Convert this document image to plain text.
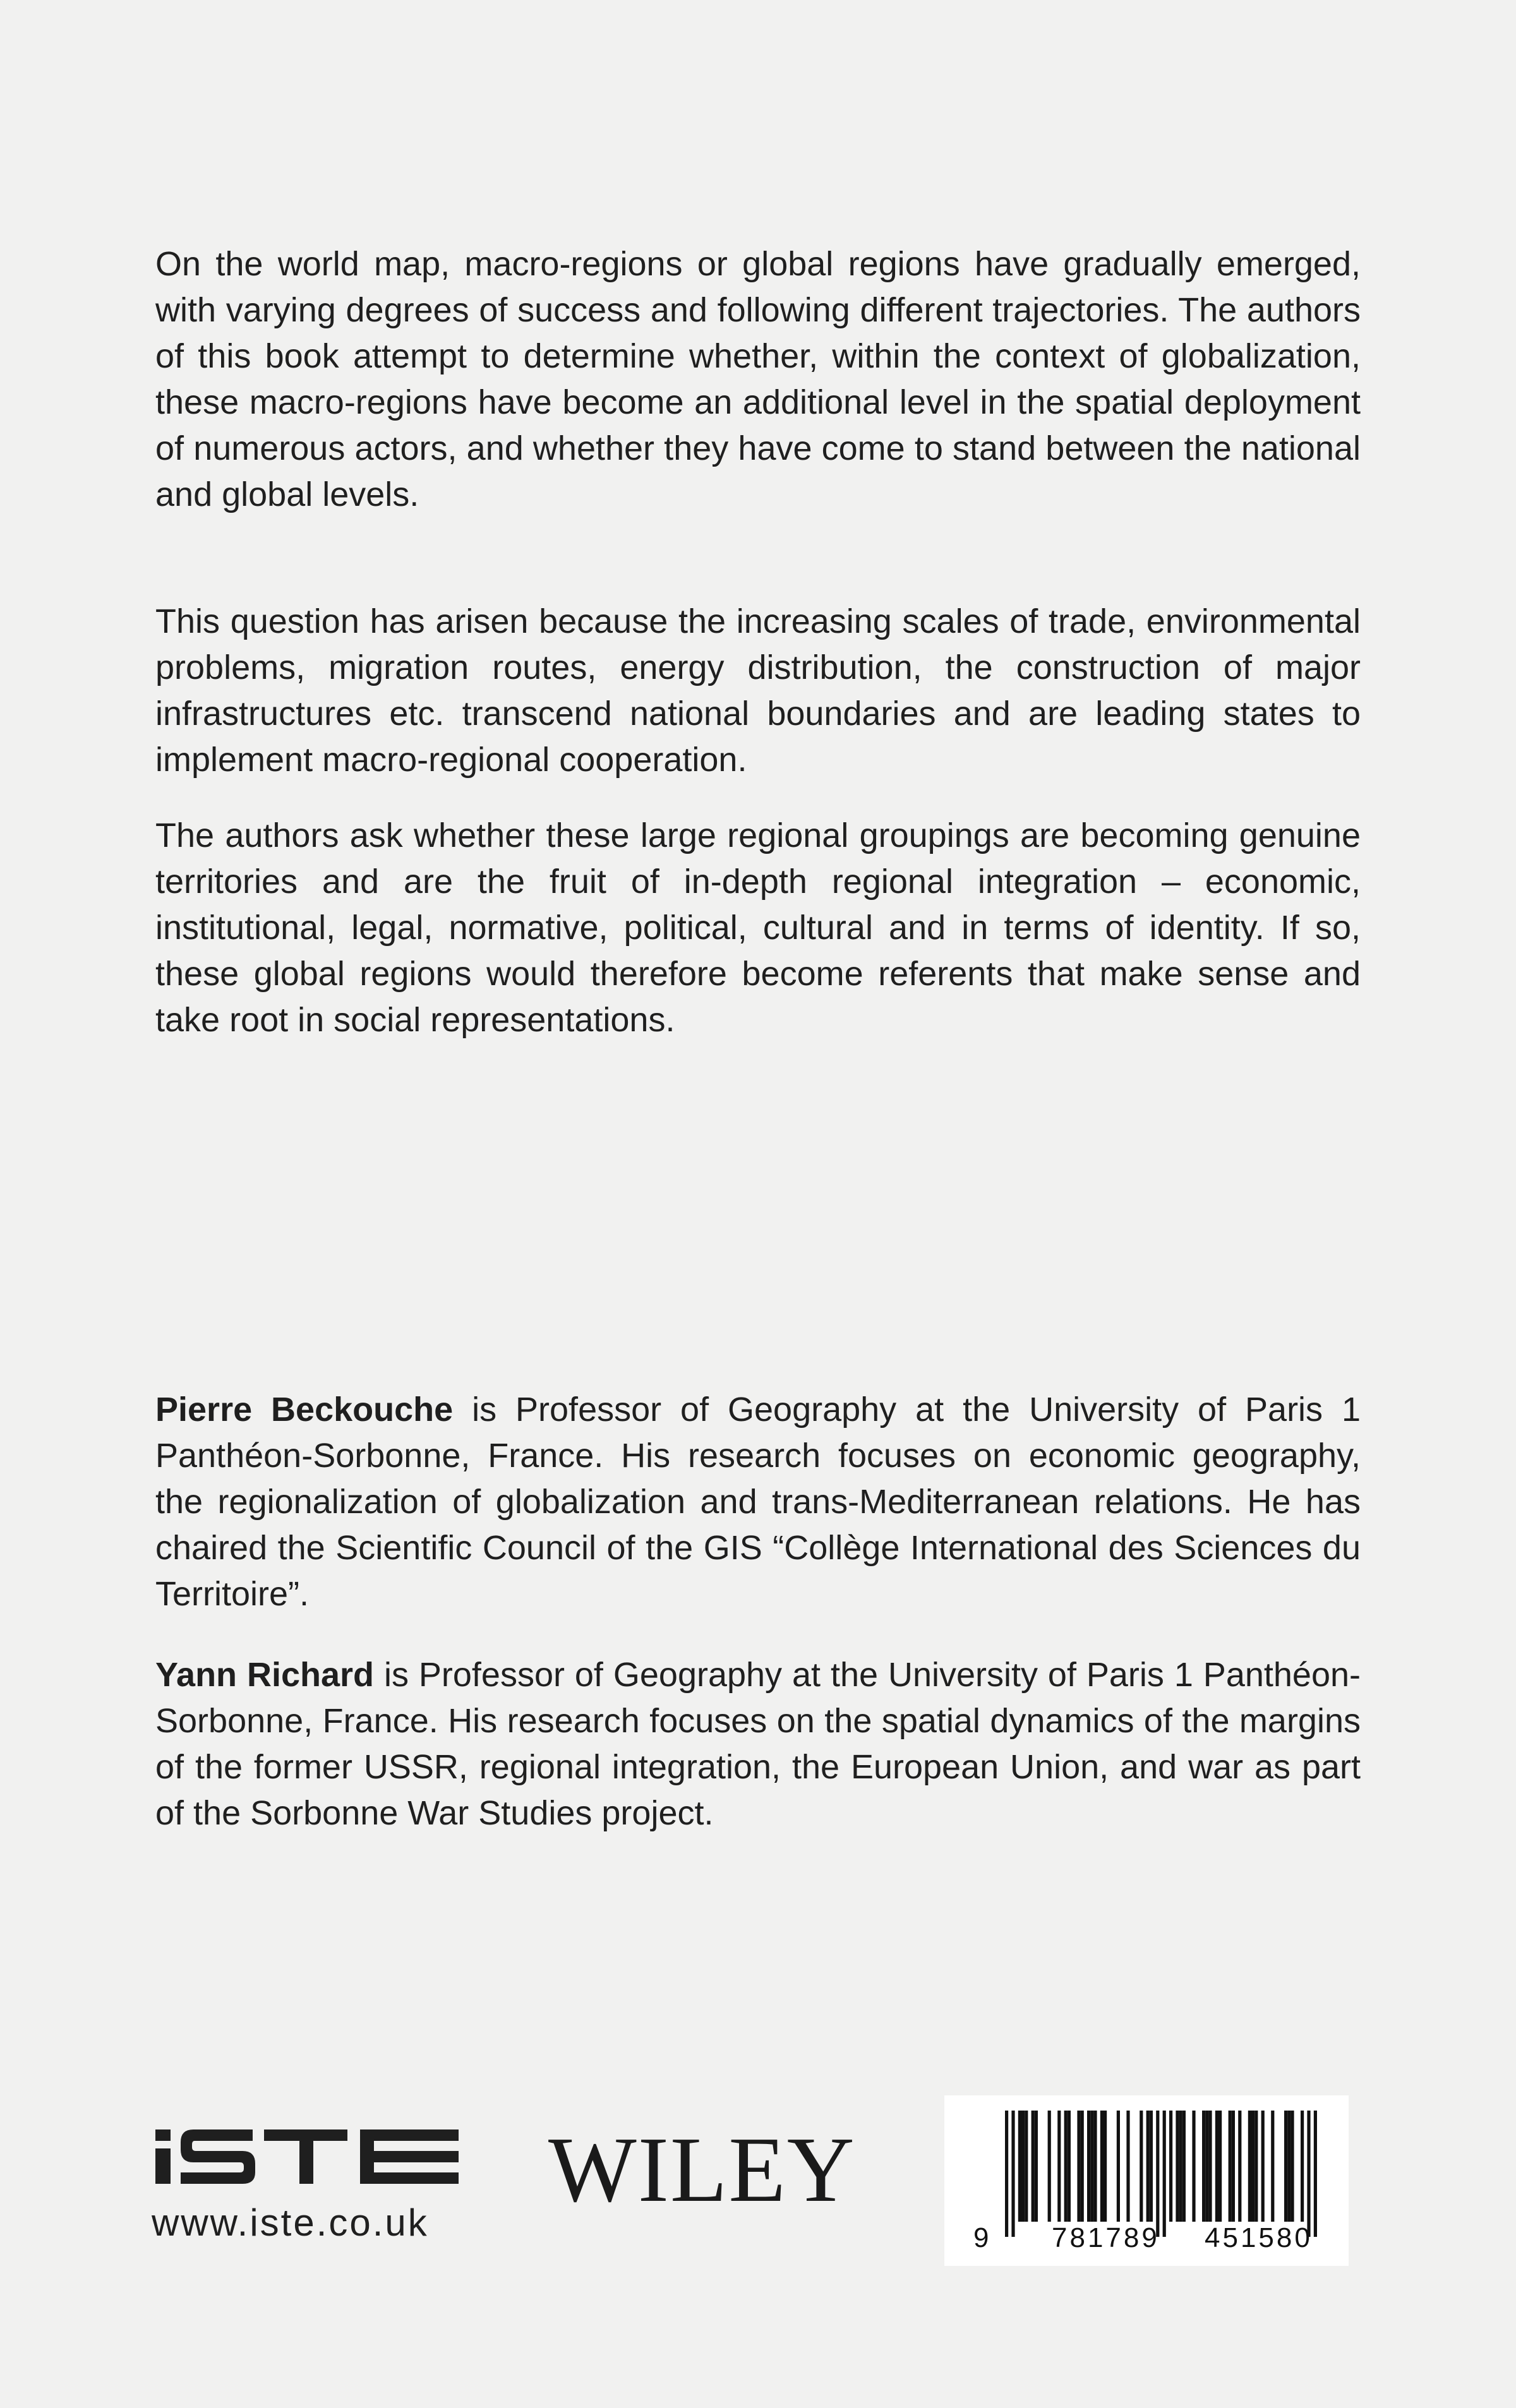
On the world map, macro-regions or global regions have gradually emerged, with varying degrees of success and following different trajectories. The authors of this book attempt to determine whether, within the context of globalization, these macro-regions have become an additional level in the spatial deployment of numerous actors, and whether they have come to stand between the national and global levels.

This question has arisen because the increasing scales of trade, environmental problems, migration routes, energy distribution, the construction of major infrastructures etc. transcend national boundaries and are leading states to implement macro-regional cooperation.

The authors ask whether these large regional groupings are becoming genuine territories and are the fruit of in-depth regional integration – economic, institutional, legal, normative, political, cultural and in terms of identity. If so, these global regions would therefore become referents that make sense and take root in social representations.

Pierre Beckouche is Professor of Geography at the University of Paris 1 Panthéon-Sorbonne, France. His research focuses on economic geography, the regionalization of globalization and trans-Mediterranean relations. He has chaired the Scientific Council of the GIS “Collège International des Sciences du Territoire”.

Yann Richard is Professor of Geography at the University of Paris 1 Panthéon-Sorbonne, France. His research focuses on the spatial dynamics of the margins of the former USSR, regional integration, the European Union, and war as part of the Sorbonne War Studies project.

www.iste.co.uk
WILEY
9 781789 451580
